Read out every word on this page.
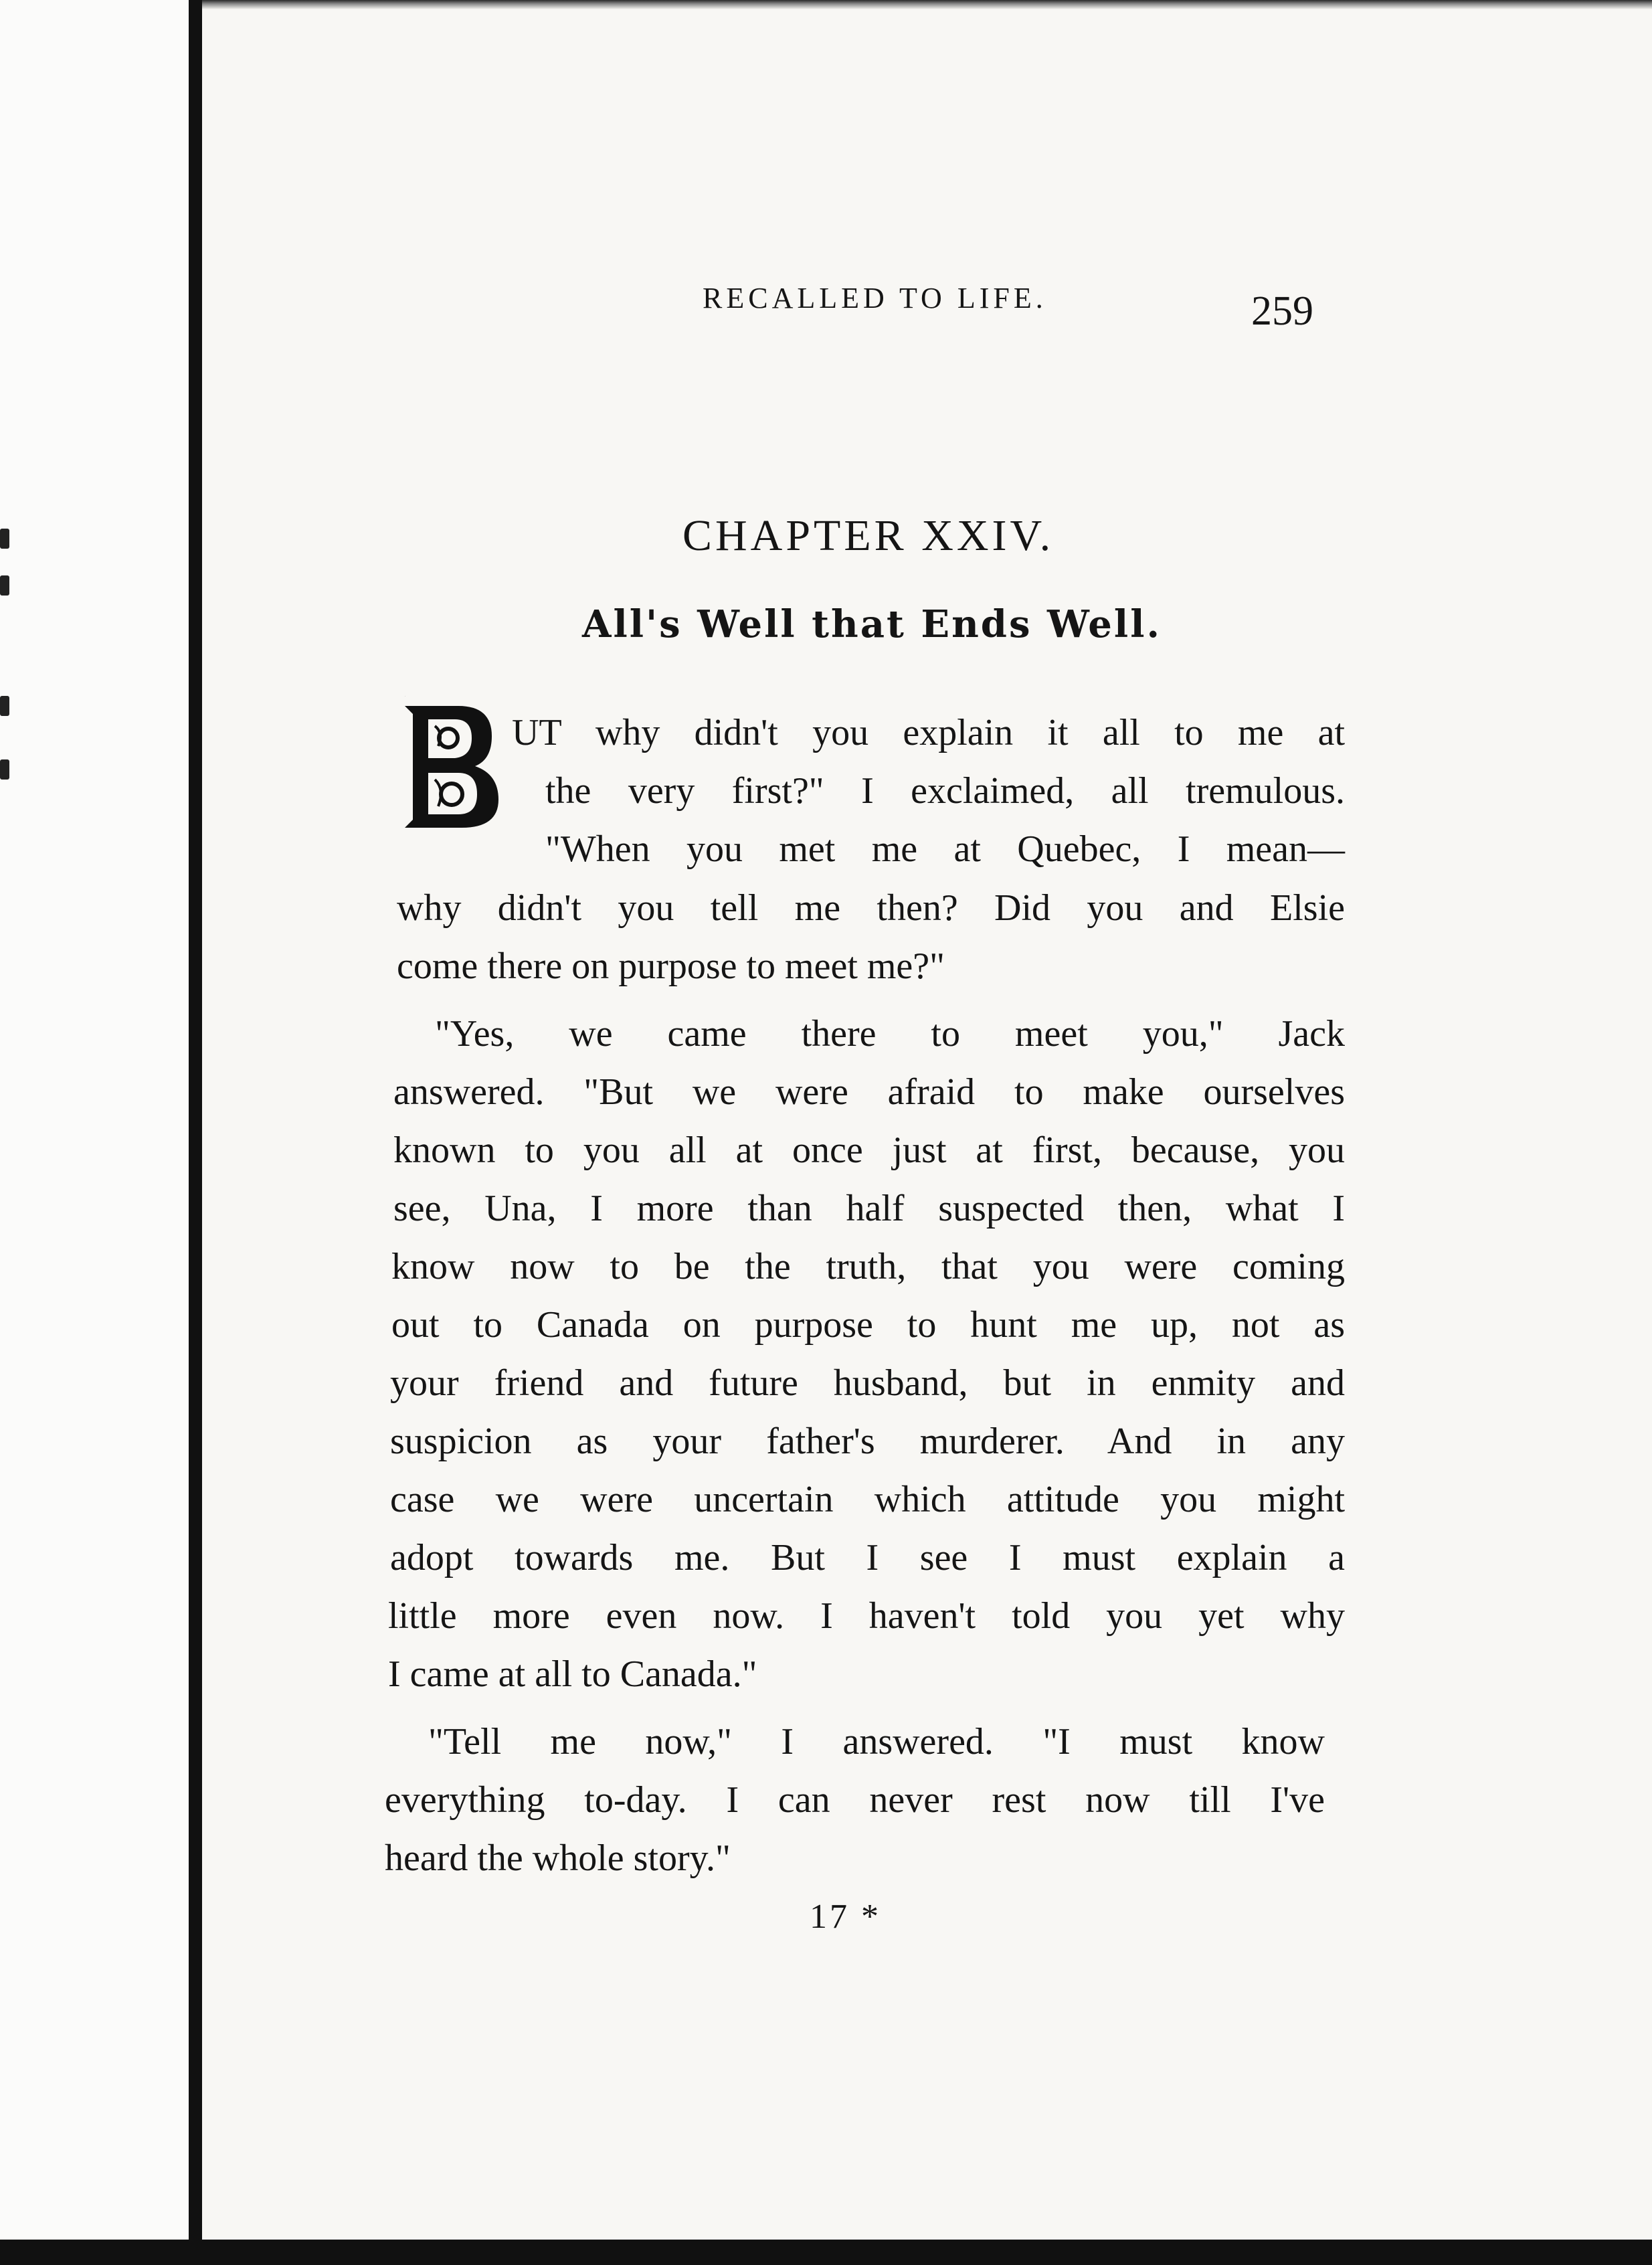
RECALLED TO LIFE.	259
CHAPTER XXIV.
All's Well that Ends Well.
B
UT why didn't you explain it all to me at
the very first?" I exclaimed, all tremulous.
"When you met me at Quebec, I mean—
why didn't you tell me then? Did you and Elsie
come there on purpose to meet me?"
"Yes, we came there to meet you," Jack
answered. "But we were afraid to make ourselves
known to you all at once just at first, because, you
see, Una, I more than half suspected then, what I
know now to be the truth, that you were coming
out to Canada on purpose to hunt me up, not as
your friend and future husband, but in enmity and
suspicion as your father's murderer. And in any
case we were uncertain which attitude you might
adopt towards me. But I see I must explain a
little more even now. I haven't told you yet why
I came at all to Canada."
"Tell me now," I answered. "I must know
everything to-day. I can never rest now till I've
heard the whole story."
17 *
